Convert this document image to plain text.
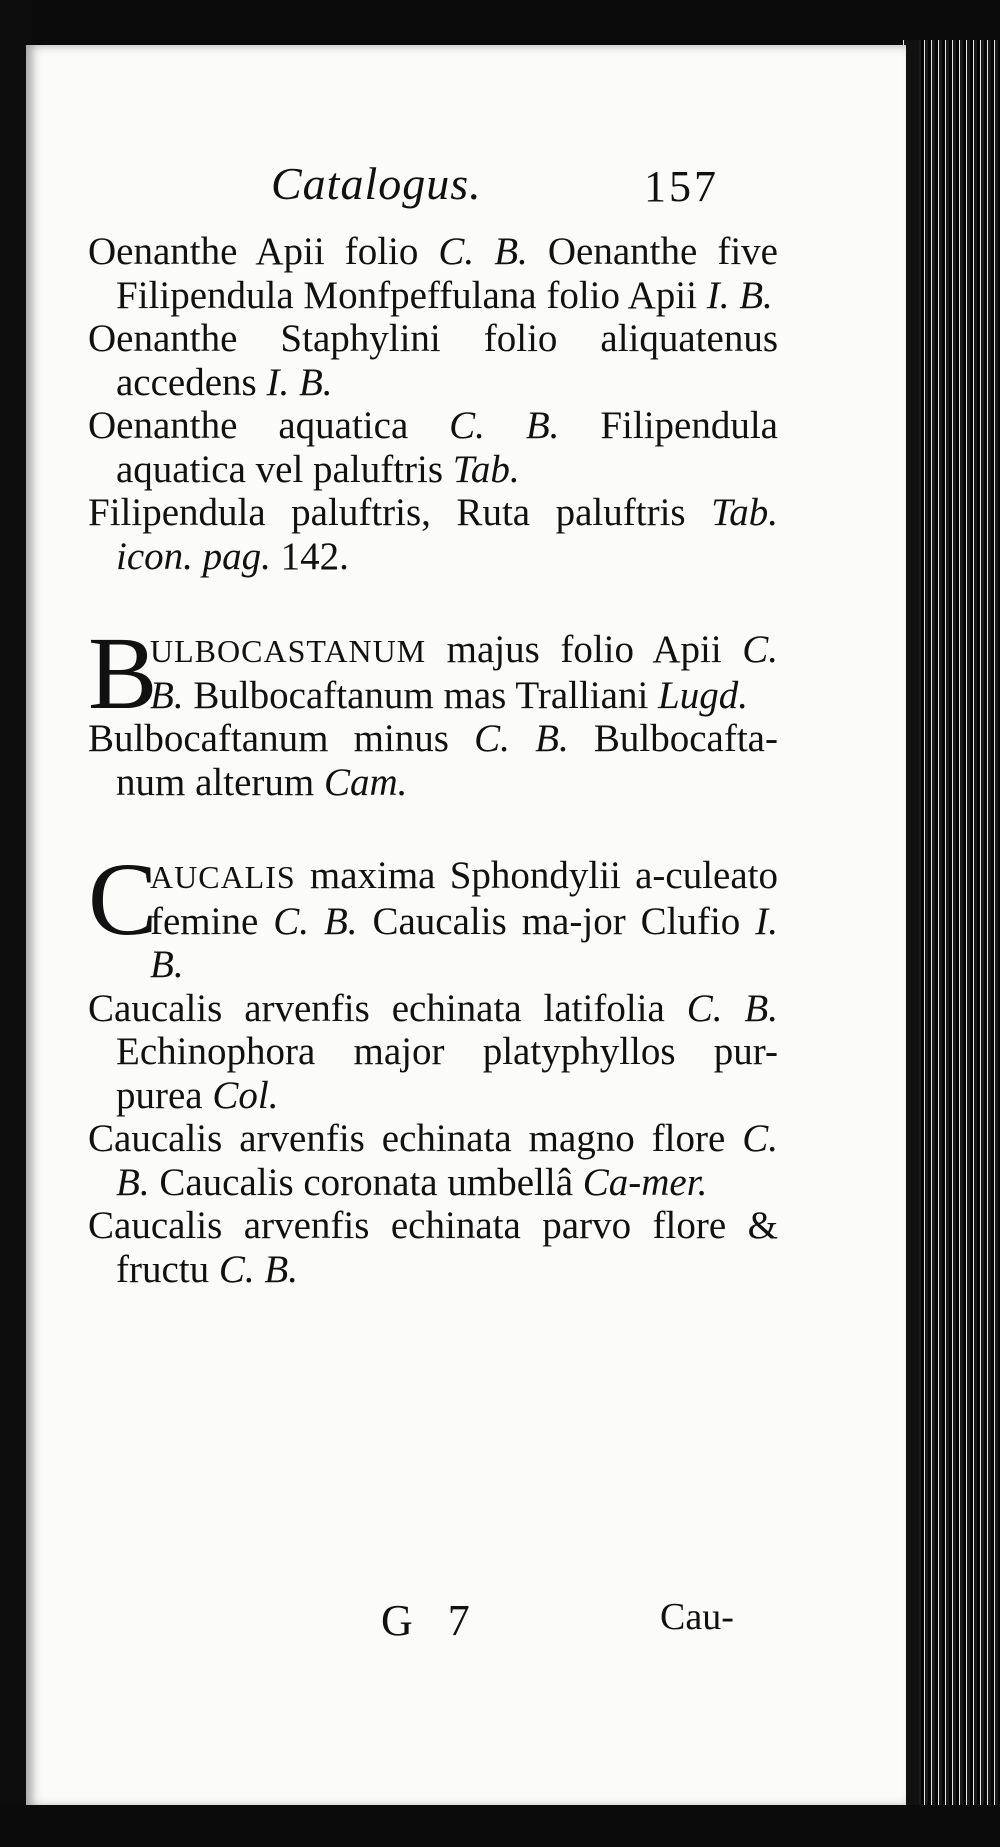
Catalogus.	157

Oenanthe Apii folio C. B. Oenanthe five Filipendula Monfpeffulana folio Apii I. B.

Oenanthe Staphylini folio aliquatenus accedens I. B.

Oenanthe aquatica C. B. Filipendula aquatica vel paluftris Tab.

Filipendula paluftris, Ruta paluftris Tab. icon. pag. 142.

B

ULBOCASTANUM majus folio Apii C. B. Bulbocaftanum mas Tralliani Lugd.

Bulbocaftanum minus C. B. Bulbocafta-num alterum Cam.

C

AUCALIS maxima Sphondylii a-culeato femine C. B. Caucalis ma-jor Clufio I. B.

Caucalis arvenfis echinata latifolia C. B. Echinophora major platyphyllos pur-purea Col.

Caucalis arvenfis echinata magno flore C. B. Caucalis coronata umbellâ Ca-mer.

Caucalis arvenfis echinata parvo flore & fructu C. B.

G 7	Cau-
